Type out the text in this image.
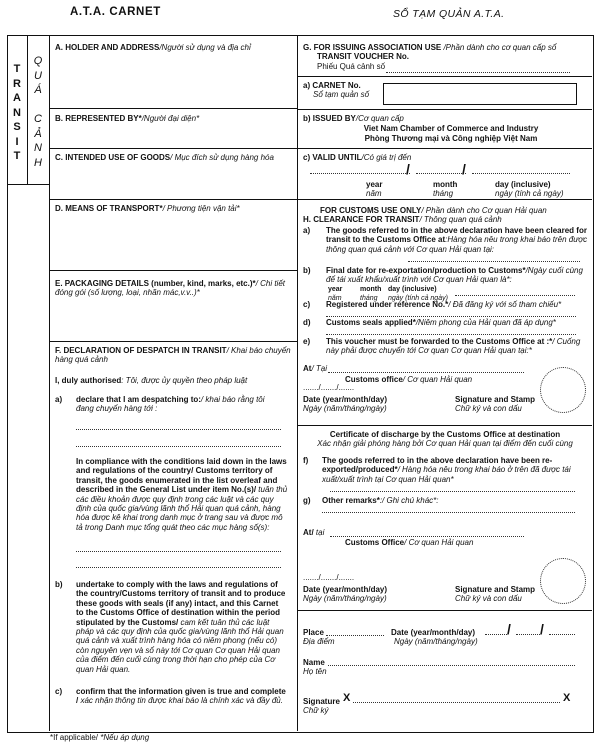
A.T.A. CARNET	SỔ TẠM QUẢN A.T.A.
T
R
A
N
S
I
T
Q
U
Á

C
Ả
N
H
A. HOLDER AND ADDRESS/Người sử dụng và địa chỉ
B. REPRESENTED BY*/Người đại diện*
C. INTENDED USE OF GOODS/ Mục đích sử dụng hàng hóa
D. MEANS OF TRANSPORT*/ Phương tiện vận tải*
E. PACKAGING DETAILS (number, kind, marks, etc.)*/ Chi tiết đóng gói (số lượng, loại, nhãn mác,v.v..)*
F. DECLARATION OF DESPATCH IN TRANSIT/ Khai báo chuyển hàng quá cảnh
I, duly authorised: Tôi, được ủy quyền theo pháp luật
a) declare that I am despatching to:/ khai báo rằng tôi đang chuyển hàng tới :
In compliance with the conditions laid down in the laws and regulations of the country/ Customs territory of transit, the goods enumerated in the list overleaf and described in the General List under item No.(s)/ tuân thủ các điều khoản được quy định trong các luật và các quy định của quốc gia/vùng lãnh thổ Hải quan quá cảnh, hàng hóa được kê khai trong danh mục ở trang sau và được mô tả trong Danh mục tổng quát theo các mục hàng số(s):
b) undertake to comply with the laws and regulations of the country/Customs territory of transit and to produce these goods with seals (if any) intact, and this Carnet to the Customs Office of destination within the period stipulated by the Customs/ cam kết tuân thủ các luật pháp và các quy định của quốc gia/vùng lãnh thổ Hải quan quá cảnh và xuất trình hàng hóa có niêm phong (nếu có) còn nguyên vẹn và sổ này tới Cơ quan Cơ quan Hải quan của điểm đến cuối cùng trong thời hạn cho phép của Cơ quan Hải quan.
c) confirm that the information given is true and complete / xác nhận thông tin được khai báo là chính xác và đầy đủ.
G. FOR ISSUING ASSOCIATION USE /Phần dành cho cơ quan cấp sổ
TRANSIT VOUCHER No.
Phiếu Quá cảnh số
a) CARNET No.
Sổ tạm quản số
b) ISSUED BY/Cơ quan cấp
Viet Nam Chamber of Commerce and Industry
Phòng Thương mại và Công nghiệp Việt Nam
c) VALID UNTIL/Có giá trị đến
/	/
year
năm
month
tháng
day (inclusive)
ngày (tính cả ngày)
FOR CUSTOMS USE ONLY/ Phần dành cho Cơ quan Hải quan
H. CLEARANCE FOR TRANSIT/ Thông quan quá cảnh
a) The goods referred to in the above declaration have been cleared for transit to the Customs Office at:Hàng hóa nêu trong khai báo trên được thông quan quá cảnh với Cơ quan Hải quan tại:
b) Final date for re-exportation/production to Customs*/Ngày cuối cùng để tái xuất khẩu/xuất trình với Cơ quan Hải quan là*:
year
năm
month
tháng
day (inclusive)
ngày (tính cả ngày)
c) Registered under reference No.*/ Đã đăng ký với số tham chiếu*
d) Customs seals applied*/Niêm phong của Hải quan đã áp dụng*
e) This voucher must be forwarded to the Customs Office at :*/ Cuống này phải được chuyển tới Cơ quan Cơ quan Hải quan tại:*
At/ Tại
Customs office/ Cơ quan Hải quan
......./......./.......
Date (year/month/day)
Ngày (năm/tháng/ngày)
Signature and Stamp
Chữ ký và con dấu
Certificate of discharge by the Customs Office at destination
Xác nhận giải phóng hàng bởi Cơ quan Hải quan tại điểm đến cuối cùng
f) The goods referred to in the above declaration have been re-exported/produced*/ Hàng hóa nêu trong khai báo ở trên đã được tái xuất/xuất trình tại Cơ quan Hải quan*
g) Other remarks*:/ Ghi chú khác*:
At/ tại
Customs Office/ Cơ quan Hải quan
......./......./.......
Date (year/month/day)
Ngày (năm/tháng/ngày)
Signature and Stamp
Chữ ký và con dấu
Place
Địa điểm
Date (year/month/day)
Ngày (năm/tháng/ngày)
/ /
Name
Họ tên
Signature
Chữ ký
X	X
*If applicable/ *Nếu áp dụng
